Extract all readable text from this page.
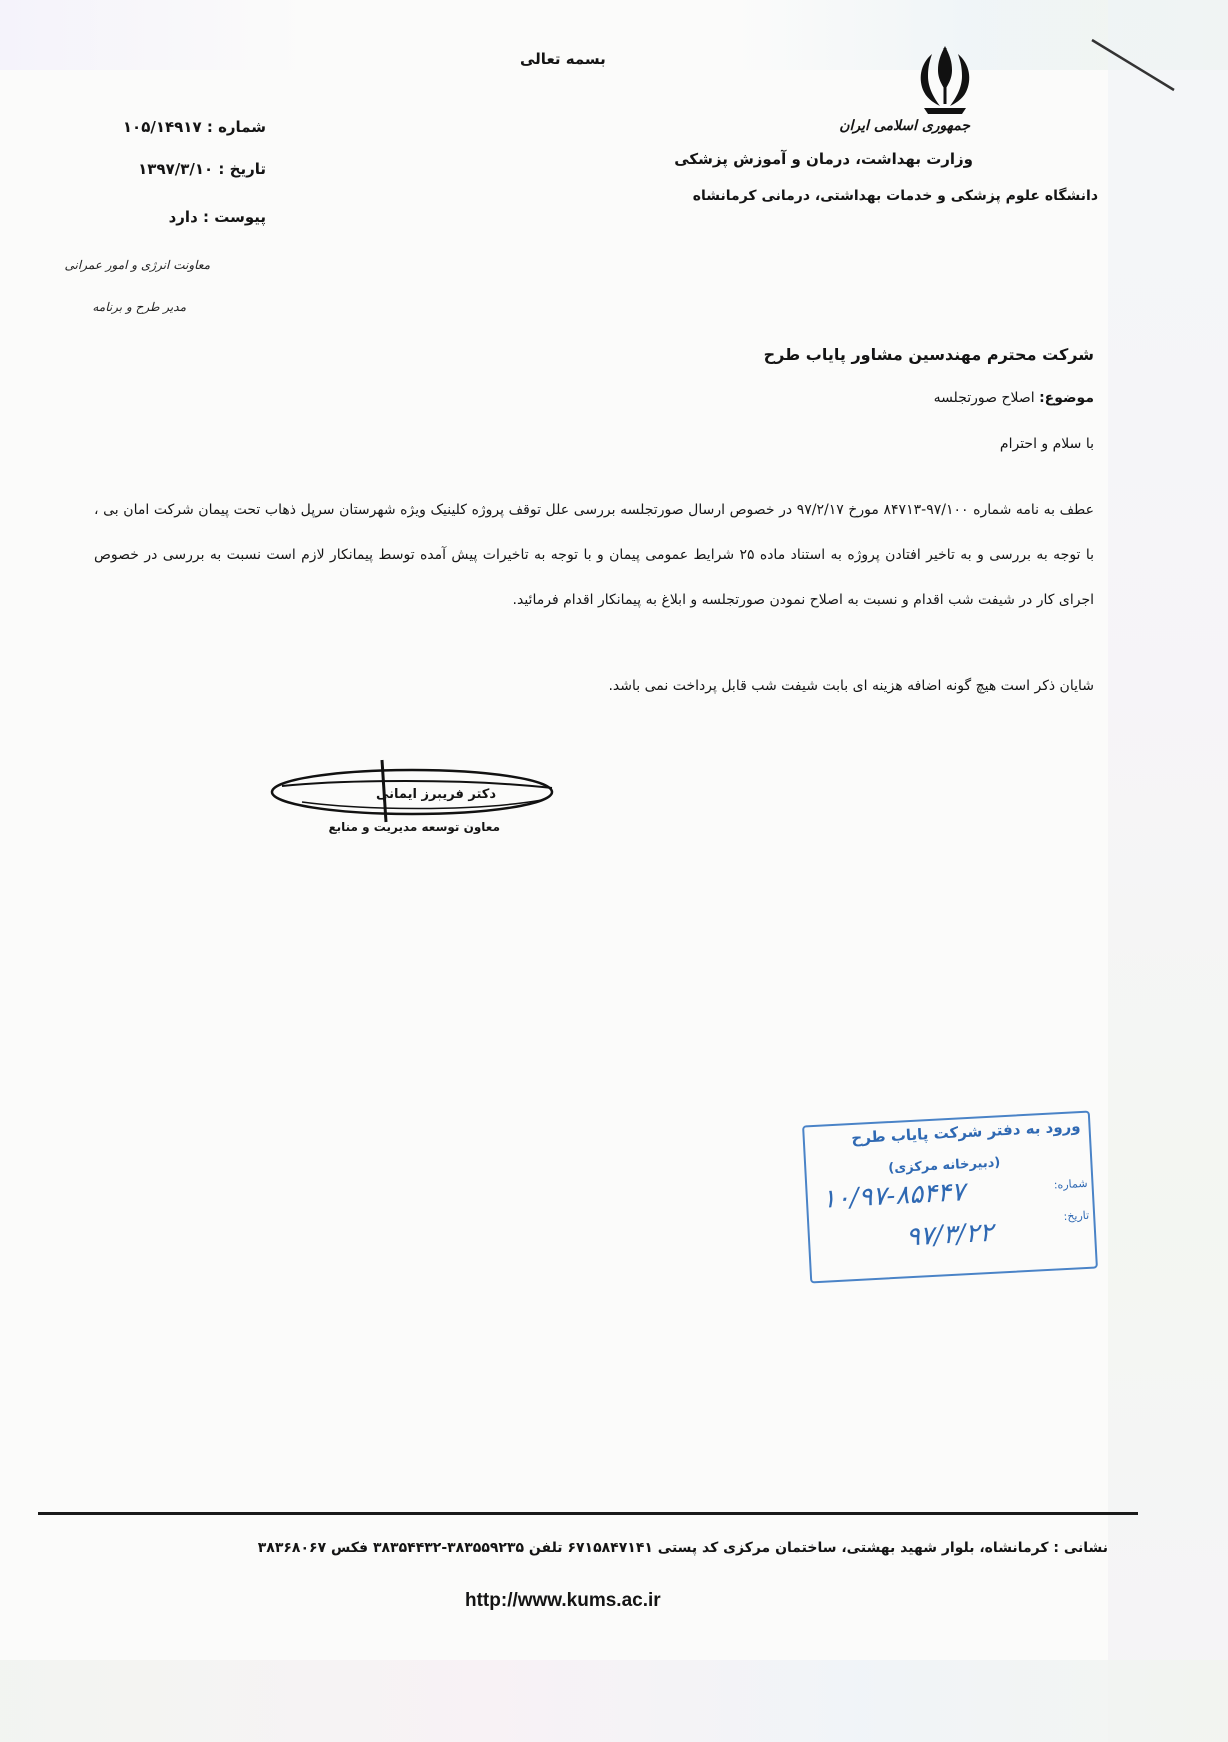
بسمه تعالی
جمهوری اسلامی ایران
وزارت بهداشت، درمان و آموزش پزشکی
دانشگاه علوم پزشکی و خدمات بهداشتی، درمانی کرمانشاه
شماره : ۱۰۵/۱۴۹۱۷
تاریخ : ۱۳۹۷/۳/۱۰
پیوست : دارد
معاونت انرژی و امور عمرانی
مدیر طرح و برنامه
شرکت محترم مهندسین مشاور پایاب طرح
موضوع: اصلاح صورتجلسه
با سلام و احترام
عطف به نامه شماره ۹۷/۱۰۰-۸۴۷۱۳ مورخ ۹۷/۲/۱۷ در خصوص ارسال صورتجلسه بررسی علل توقف پروژه کلینیک ویژه شهرستان سرپل ذهاب تحت پیمان شرکت امان بی ، با توجه به بررسی و به تاخیر افتادن پروژه به استناد ماده ۲۵ شرایط عمومی پیمان و با توجه به تاخیرات پیش آمده توسط پیمانکار لازم است نسبت به بررسی در خصوص اجرای کار در شیفت شب اقدام و نسبت به اصلاح نمودن صورتجلسه و ابلاغ به پیمانکار اقدام فرمائید.
شایان ذکر است هیچ گونه اضافه هزینه ای بابت شیفت شب قابل پرداخت نمی باشد.
دکتر فریبرز ایمانی
معاون توسعه مدیریت و منابع
ورود به دفتر شرکت پایاب طرح
(دبیرخانه مرکزی)
شماره:
تاریخ:
۱۰/۹۷-۸۵۴۴۷
۹۷/۳/۲۲
نشانی : کرمانشاه، بلوار شهید بهشتی، ساختمان مرکزی کد پستی ۶۷۱۵۸۴۷۱۴۱ تلفن ۳۸۳۵۵۹۲۳۵-۳۸۳۵۴۴۳۲ فکس ۳۸۳۶۸۰۶۷
http://www.kums.ac.ir
